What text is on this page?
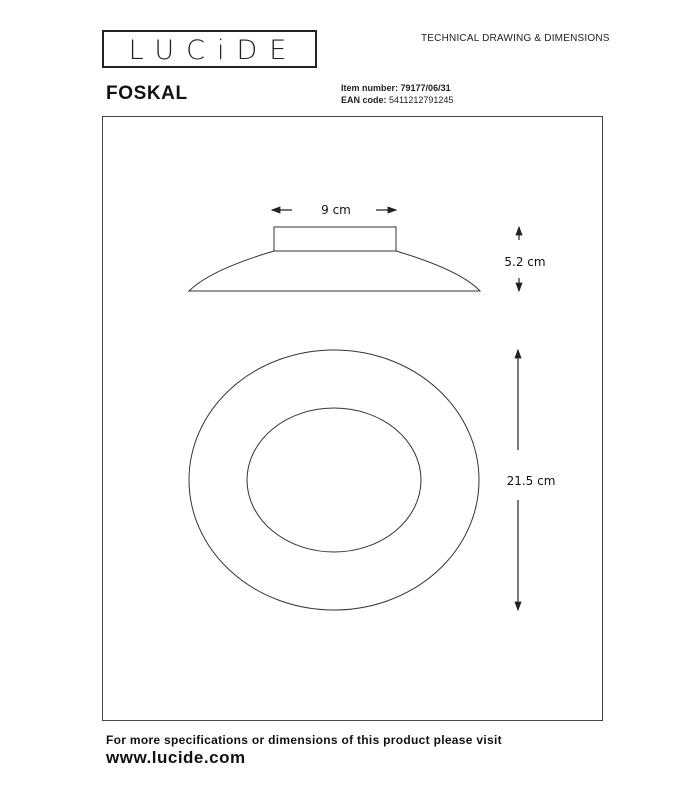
LUCiDE	TECHNICAL DRAWING & DIMENSIONS
FOSKAL	Item number: 79177/06/31
EAN code: 5411212791245
9 cm
5.2 cm
21.5 cm
For more specifications or dimensions of this product please visit
www.lucide.com
